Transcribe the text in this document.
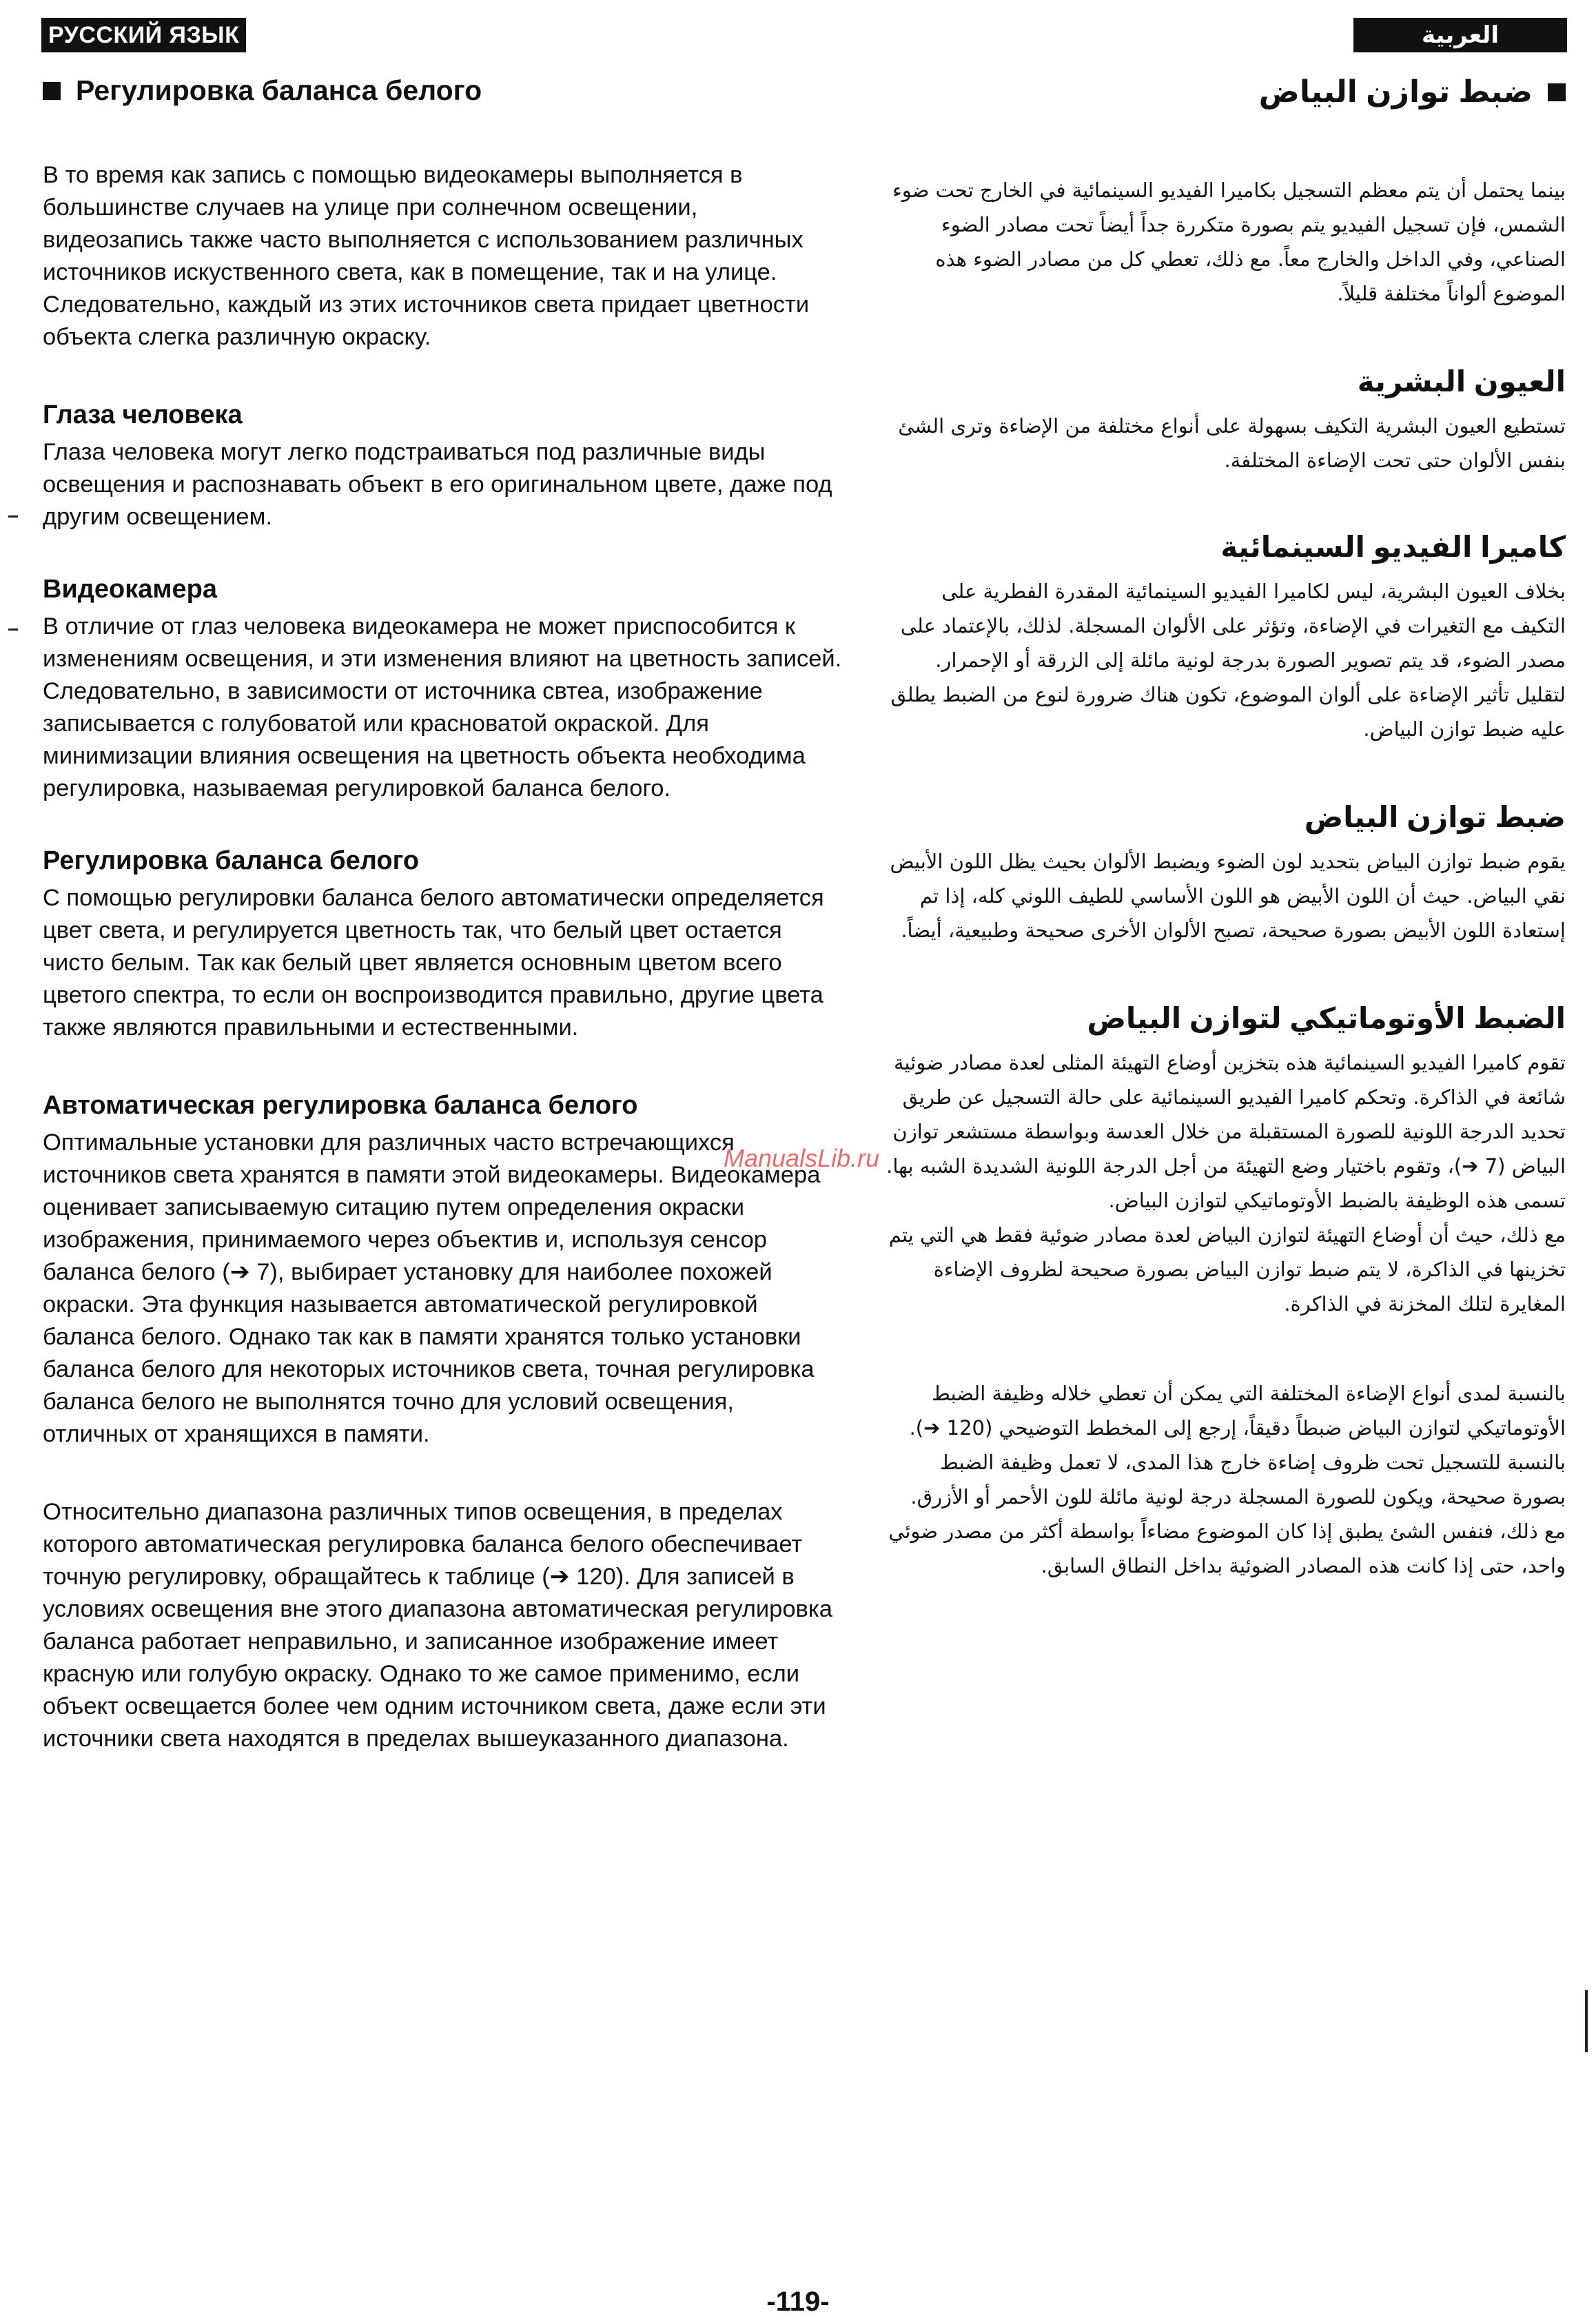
РУССКИЙ ЯЗЫК	العربية
Регулировка баланса белого

В то время как запись с помощью видеокамеры выполняется в большинстве случаев на улице при солнечном освещении, видеозапись также часто выполняется с использованием различных источников искуственного света, как в помещение, так и на улице. Следовательно, каждый из этих источников света придает цветности объекта слегка различную окраску.

Глаза человека

Глаза человека могут легко подстраиваться под различные виды освещения и распознавать объект в его оригинальном цвете, даже под другим освещением.

Видеокамера

В отличие от глаз человека видеокамера не может приспособится к изменениям освещения, и эти изменения влияют на цветность записей. Следовательно, в зависимости от источника свтеа, изображение записывается с голубоватой или красноватой окраской. Для минимизации влияния освещения на цветность объекта необходима регулировка, называемая регулировкой баланса белого.

Регулировка баланса белого

С помощью регулировки баланса белого автоматически определяется цвет света, и регулируется цветность так, что белый цвет остается чисто белым. Так как белый цвет является основным цветом всего цветого спектра, то если он воспроизводится правильно, другие цвета также являются правильными и естественными.

Автоматическая регулировка баланса белого

Оптимальные установки для различных часто встречающихся источников света хранятся в памяти этой видеокамеры. Видеокамера оценивает записываемую ситацию путем определения окраски изображения, принимаемого через объектив и, используя сенсор баланса белого (➔ 7), выбирает установку для наиболее похожей окраски. Эта функция называется автоматической регулировкой баланса белого. Однако так как в памяти хранятся только установки баланса белого для некоторых источников света, точная регулировка баланса белого не выполнятся точно для условий освещения, отличных от хранящихся в памяти.

Относительно диапазона различных типов освещения, в пределах которого автоматическая регулировка баланса белого обеспечивает точную регулировку, обращайтесь к таблице (➔ 120). Для записей в условиях освещения вне этого диапазона автоматическая регулировка баланса работает неправильно, и записанное изображение имеет красную или голубую окраску. Однако то же самое применимо, если объект освещается более чем одним источником света, даже если эти источники света находятся в пределах вышеуказанного диапазона.

ضبط توازن البياض

بينما يحتمل أن يتم معظم التسجيل بكاميرا الفيديو السينمائية في الخارج تحت ضوء الشمس، فإن تسجيل الفيديو يتم بصورة متكررة جداً أيضاً تحت مصادر الضوء الصناعي، وفي الداخل والخارج معاً. مع ذلك، تعطي كل من مصادر الضوء هذه الموضوع ألواناً مختلفة قليلاً.

العيون البشرية

تستطيع العيون البشرية التكيف بسهولة على أنواع مختلفة من الإضاءة وترى الشئ بنفس الألوان حتى تحت الإضاءة المختلفة.

كاميرا الفيديو السينمائية

بخلاف العيون البشرية، ليس لكاميرا الفيديو السينمائية المقدرة الفطرية على التكيف مع التغيرات في الإضاءة، وتؤثر على الألوان المسجلة. لذلك، بالإعتماد على مصدر الضوء، قد يتم تصوير الصورة بدرجة لونية مائلة إلى الزرقة أو الإحمرار. لتقليل تأثير الإضاءة على ألوان الموضوع، تكون هناك ضرورة لنوع من الضبط يطلق عليه ضبط توازن البياض.

ضبط توازن البياض

يقوم ضبط توازن البياض بتحديد لون الضوء ويضبط الألوان بحيث يظل اللون الأبيض نقي البياض. حيث أن اللون الأبيض هو اللون الأساسي للطيف اللوني كله، إذا تم إستعادة اللون الأبيض بصورة صحيحة، تصبح الألوان الأخرى صحيحة وطبيعية، أيضاً.

الضبط الأوتوماتيكي لتوازن البياض

تقوم كاميرا الفيديو السينمائية هذه بتخزين أوضاع التهيئة المثلى لعدة مصادر ضوئية شائعة في الذاكرة. وتحكم كاميرا الفيديو السينمائية على حالة التسجيل عن طريق تحديد الدرجة اللونية للصورة المستقبلة من خلال العدسة وبواسطة مستشعر توازن البياض (7 ➔)، وتقوم باختيار وضع التهيئة من أجل الدرجة اللونية الشديدة الشبه بها. تسمى هذه الوظيفة بالضبط الأوتوماتيكي لتوازن البياض.

مع ذلك، حيث أن أوضاع التهيئة لتوازن البياض لعدة مصادر ضوئية فقط هي التي يتم تخزينها في الذاكرة، لا يتم ضبط توازن البياض بصورة صحيحة لظروف الإضاءة المغايرة لتلك المخزنة في الذاكرة.

بالنسبة لمدى أنواع الإضاءة المختلفة التي يمكن أن تعطي خلاله وظيفة الضبط الأوتوماتيكي لتوازن البياض ضبطاً دقيقاً، إرجع إلى المخطط التوضيحي (120 ➔). بالنسبة للتسجيل تحت ظروف إضاءة خارج هذا المدى، لا تعمل وظيفة الضبط بصورة صحيحة، ويكون للصورة المسجلة درجة لونية مائلة للون الأحمر أو الأزرق. مع ذلك، فنفس الشئ يطبق إذا كان الموضوع مضاءاً بواسطة أكثر من مصدر ضوئي واحد، حتى إذا كانت هذه المصادر الضوئية بداخل النطاق السابق.

ManualsLib.ru
-119-
